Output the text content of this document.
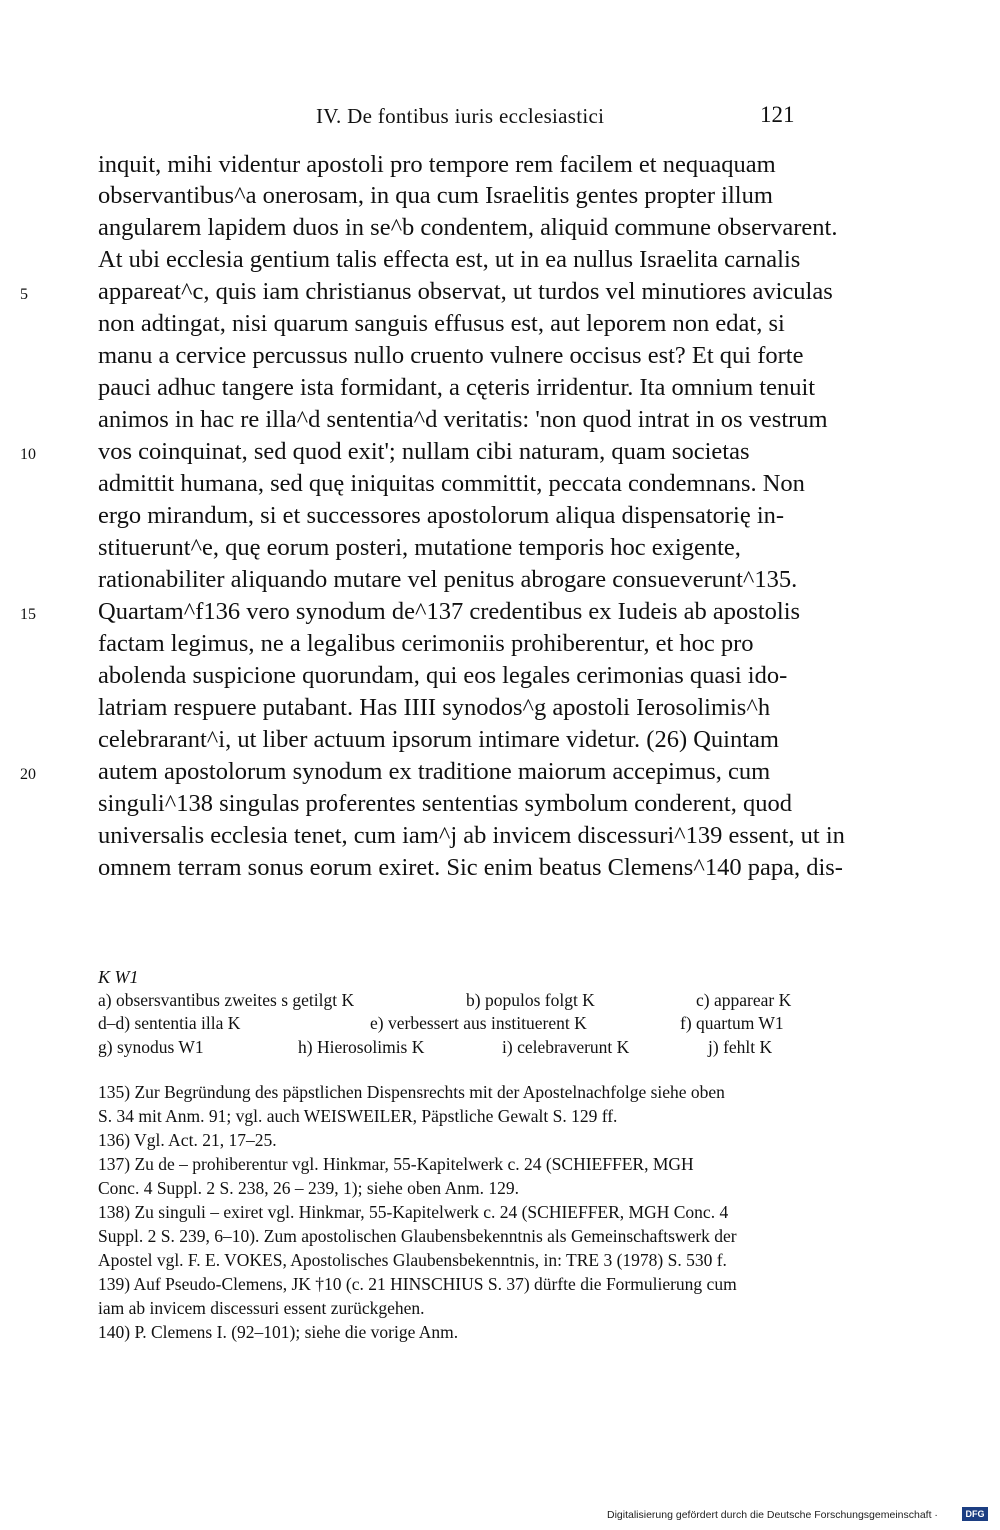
IV. De fontibus iuris ecclesiastici	121
inquit, mihi videntur apostoli pro tempore rem facilem et nequaquam
observantibus^a onerosam, in qua cum Israelitis gentes propter illum
angularem lapidem duos in se^b condentem, aliquid commune observarent.
At ubi ecclesia gentium talis effecta est, ut in ea nullus Israelita carnalis
appareat^c, quis iam christianus observat, ut turdos vel minutiores aviculas
non adtingat, nisi quarum sanguis effusus est, aut leporem non edat, si
manu a cervice percussus nullo cruento vulnere occisus est? Et qui forte
pauci adhuc tangere ista formidant, a cęteris irridentur. Ita omnium tenuit
animos in hac re illa^d sententia^d veritatis: 'non quod intrat in os vestrum
vos coinquinat, sed quod exit'; nullam cibi naturam, quam societas
admittit humana, sed quę iniquitas committit, peccata condemnans. Non
ergo mirandum, si et successores apostolorum aliqua dispensatorię in-
stituerunt^e, quę eorum posteri, mutatione temporis hoc exigente,
rationabiliter aliquando mutare vel penitus abrogare consueverunt^135.
Quartam^f136 vero synodum de^137 credentibus ex Iudeis ab apostolis
factam legimus, ne a legalibus cerimoniis prohiberentur, et hoc pro
abolenda suspicione quorundam, qui eos legales cerimonias quasi ido-
latriam respuere putabant. Has IIII synodos^g apostoli Ierosolimis^h
celebrarant^i, ut liber actuum ipsorum intimare videtur. (26) Quintam
autem apostolorum synodum ex traditione maiorum accepimus, cum
singuli^138 singulas proferentes sententias symbolum conderent, quod
universalis ecclesia tenet, cum iam^j ab invicem discessuri^139 essent, ut in
omnem terram sonus eorum exiret. Sic enim beatus Clemens^140 papa, dis-
5
10
15
20
K W1
a) obsersvantibus zweites s getilgt K	b) populos folgt K	c) apparear K
d–d) sententia illa K	e) verbessert aus instituerent K	f) quartum W1
g) synodus W1	h) Hierosolimis K	i) celebraverunt K	j) fehlt K
135) Zur Begründung des päpstlichen Dispensrechts mit der Apostelnachfolge siehe oben
S. 34 mit Anm. 91; vgl. auch WEISWEILER, Päpstliche Gewalt S. 129 ff.
136) Vgl. Act. 21, 17–25.
137) Zu de – prohiberentur vgl. Hinkmar, 55-Kapitelwerk c. 24 (SCHIEFFER, MGH
Conc. 4 Suppl. 2 S. 238, 26 – 239, 1); siehe oben Anm. 129.
138) Zu singuli – exiret vgl. Hinkmar, 55-Kapitelwerk c. 24 (SCHIEFFER, MGH Conc. 4
Suppl. 2 S. 239, 6–10). Zum apostolischen Glaubensbekenntnis als Gemeinschaftswerk der
Apostel vgl. F. E. VOKES, Apostolisches Glaubensbekenntnis, in: TRE 3 (1978) S. 530 f.
139) Auf Pseudo-Clemens, JK †10 (c. 21 HINSCHIUS S. 37) dürfte die Formulierung cum
iam ab invicem discessuri essent zurückgehen.
140) P. Clemens I. (92–101); siehe die vorige Anm.
Digitalisierung gefördert durch die Deutsche Forschungsgemeinschaft ·	DFG
